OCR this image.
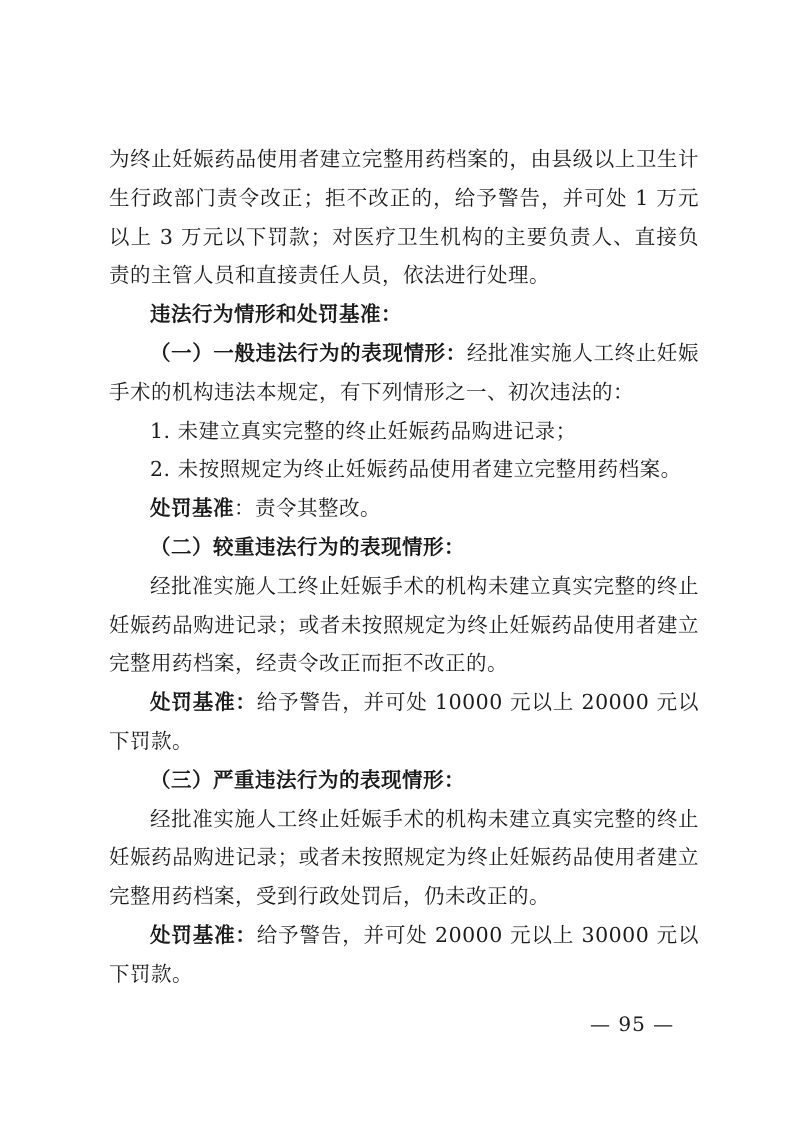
为终止妊娠药品使用者建立完整用药档案的，由县级以上卫生计生行政部门责令改正；拒不改正的，给予警告，并可处 1 万元以上 3 万元以下罚款；对医疗卫生机构的主要负责人、直接负责的主管人员和直接责任人员，依法进行处理。

违法行为情形和处罚基准：

（一）一般违法行为的表现情形：经批准实施人工终止妊娠手术的机构违法本规定，有下列情形之一、初次违法的：

1. 未建立真实完整的终止妊娠药品购进记录；

2. 未按照规定为终止妊娠药品使用者建立完整用药档案。

处罚基准：责令其整改。

（二）较重违法行为的表现情形：

经批准实施人工终止妊娠手术的机构未建立真实完整的终止妊娠药品购进记录；或者未按照规定为终止妊娠药品使用者建立完整用药档案，经责令改正而拒不改正的。

处罚基准：给予警告，并可处 10000 元以上 20000 元以下罚款。

（三）严重违法行为的表现情形：

经批准实施人工终止妊娠手术的机构未建立真实完整的终止妊娠药品购进记录；或者未按照规定为终止妊娠药品使用者建立完整用药档案，受到行政处罚后，仍未改正的。

处罚基准：给予警告，并可处 20000 元以上 30000 元以下罚款。

— 95 —
